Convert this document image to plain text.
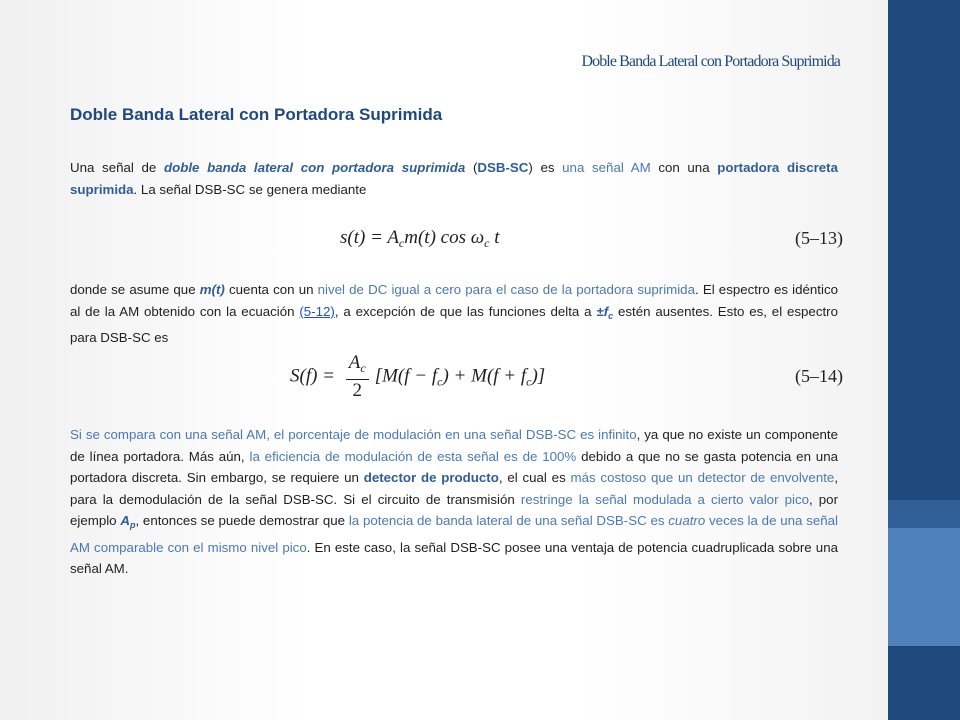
Doble Banda Lateral con Portadora Suprimida
Doble Banda Lateral con Portadora Suprimida
Una señal de doble banda lateral con portadora suprimida (DSB-SC) es una señal AM con una portadora discreta suprimida. La señal DSB-SC se genera mediante
$s(t) = A_cm(t)$ $\cos \omega_c$ t	(5–13)
donde se asume que m(t) cuenta con un nivel de DC igual a cero para el caso de la portadora suprimida. El espectro es idéntico al de la AM obtenido con la ecuación (5-12), a excepción de que las funciones delta $a \pm f_c$ estén ausentes. Esto es, el espectro para DSB-SC es
$S(f) = \frac{A_c}{2} [M(f - f_c) + M(f + f_c)]$	(5–14)
Si se compara con una señal AM, el porcentaje de modulación en una señal DSB-SC es infinito, ya que no existe un componente de línea portadora. Más aún, la eficiencia de modulación de esta señal es de 100% debido a que no se gasta potencia en una portadora discreta. Sin embargo, se requiere un detector de producto, el cual es más costoso que un detector de envolvente, para la demodulación de la señal DSB-SC. Si el circuito de transmisión restringe la señal modulada a cierto valor pico, por ejemplo $A_p$, entonces se puede demostrar que la potencia de banda lateral de una señal DSB-SC es cuatro veces la de una señal AM comparable con el mismo nivel pico. En este caso, la señal DSB-SC posee una ventaja de potencia cuadruplicada sobre una señal AM.
